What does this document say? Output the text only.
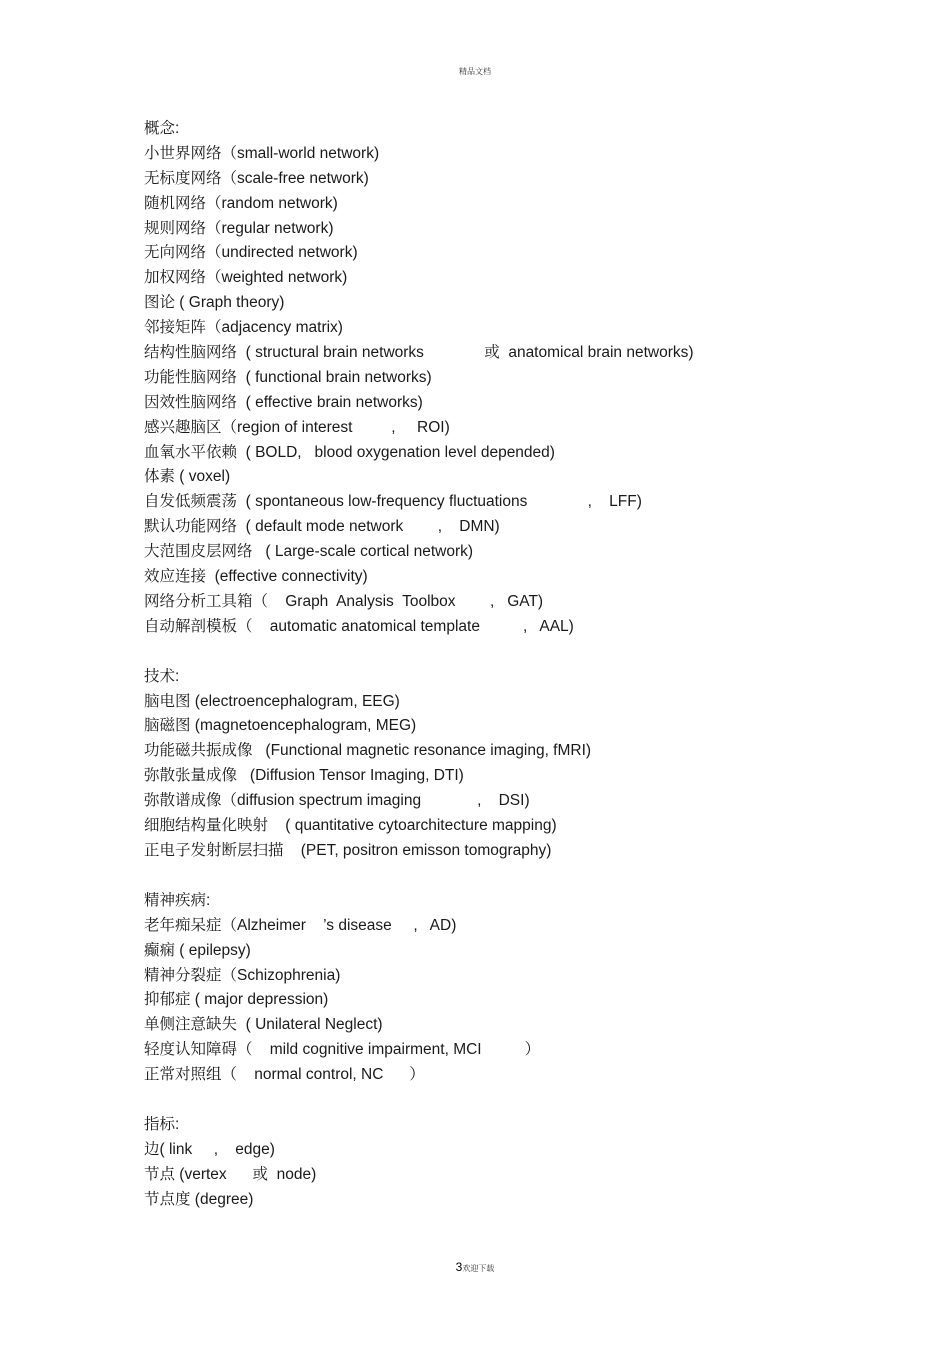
精品文档
概念:
小世界网络（small-world network)
无标度网络（scale-free network)
随机网络（random network)
规则网络（regular network)
无向网络（undirected network)
加权网络（weighted network)
图论 ( Graph theory)
邻接矩阵（adjacency matrix)
结构性脑网络  ( structural brain networks              或  anatomical brain networks)
功能性脑网络  ( functional brain networks)
因效性脑网络  ( effective brain networks)
感兴趣脑区（region of interest         ,     ROI)
血氧水平依赖  ( BOLD,   blood oxygenation level depended)
体素 ( voxel)
自发低频震荡  ( spontaneous low-frequency fluctuations              ,    LFF)
默认功能网络  ( default mode network        ,    DMN)
大范围皮层网络   ( Large-scale cortical network)
效应连接  (effective connectivity)
网络分析工具箱（    Graph  Analysis  Toolbox        ,   GAT)
自动解剖模板（    automatic anatomical template          ,   AAL)
技术:
脑电图 (electroencephalogram, EEG)
脑磁图 (magnetoencephalogram, MEG)
功能磁共振成像   (Functional magnetic resonance imaging, fMRI)
弥散张量成像   (Diffusion Tensor Imaging, DTI)
弥散谱成像（diffusion spectrum imaging             ,    DSI)
细胞结构量化映射    ( quantitative cytoarchitecture mapping)
正电子发射断层扫描    (PET, positron emisson tomography)
精神疾病:
老年痴呆症（Alzheimer    ’s disease     ,   AD)
癫痫 ( epilepsy)
精神分裂症（Schizophrenia)
抑郁症 ( major depression)
单侧注意缺失  ( Unilateral Neglect)
轻度认知障碍（    mild cognitive impairment, MCI          ）
正常对照组（    normal control, NC      ）
指标:
边( link     ,    edge)
节点 (vertex      或  node)
节点度 (degree)
3欢迎下载
